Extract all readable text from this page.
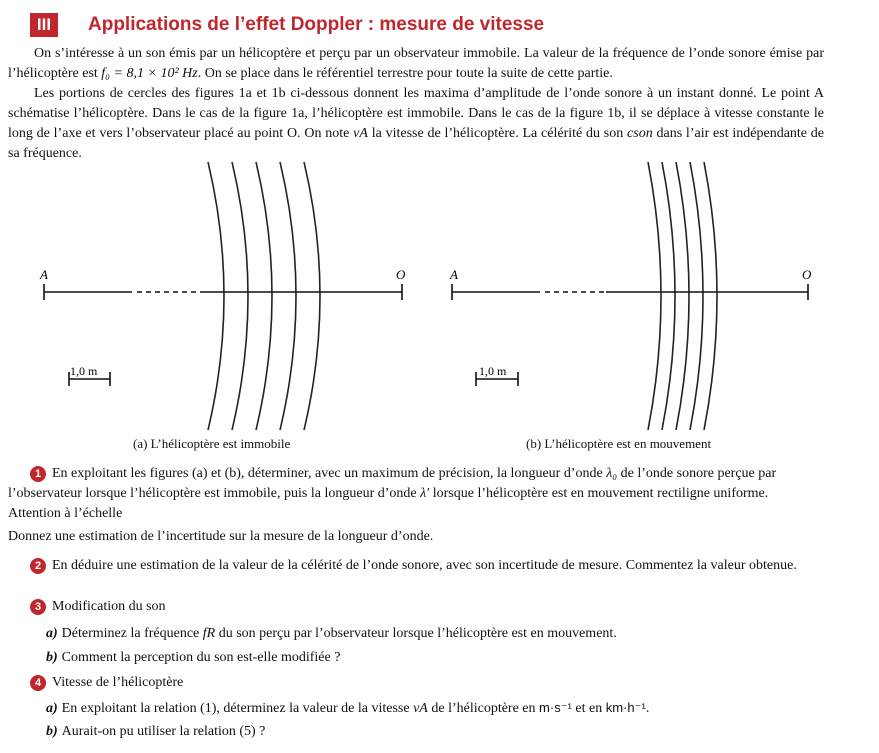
III	Applications de l’effet Doppler : mesure de vitesse

On s’intéresse à un son émis par un hélicoptère et perçu par un observateur immobile. La valeur de la fréquence de l’onde sonore émise par l’hélicoptère est f₀ = 8,1 × 10² Hz. On se place dans le référentiel terrestre pour toute la suite de cette partie.

Les portions de cercles des figures 1a et 1b ci-dessous donnent les maxima d’amplitude de l’onde sonore à un instant donné. Le point A schématise l’hélicoptère. Dans le cas de la figure 1a, l’hélicoptère est immobile. Dans le cas de la figure 1b, il se déplace à vitesse constante le long de l’axe et vers l’observateur placé au point O. On note vA la vitesse de l’hélicoptère. La célérité du son cson dans l’air est indépendante de sa fréquence.

A	O
1,0 m
(a) L’hélicoptère est immobile
A	O
1,0 m
(b) L’hélicoptère est en mouvement
1 En exploitant les figures (a) et (b), déterminer, avec un maximum de précision, la longueur d’onde λ₀ de l’onde sonore perçue par l’observateur lorsque l’hélicoptère est immobile, puis la longueur d’onde λ′ lorsque l’hélicoptère est en mouvement rectiligne uniforme. Attention à l’échelle
Donnez une estimation de l’incertitude sur la mesure de la longueur d’onde.
2 En déduire une estimation de la valeur de la célérité de l’onde sonore, avec son incertitude de mesure. Commentez la valeur obtenue.
3 Modification du son
a) Déterminez la fréquence fR du son perçu par l’observateur lorsque l’hélicoptère est en mouvement.
b) Comment la perception du son est-elle modifiée ?
4 Vitesse de l’hélicoptère
a) En exploitant la relation (1), déterminez la valeur de la vitesse vA de l’hélicoptère en m·s⁻¹ et en km·h⁻¹.
b) Aurait-on pu utiliser la relation (5) ?
